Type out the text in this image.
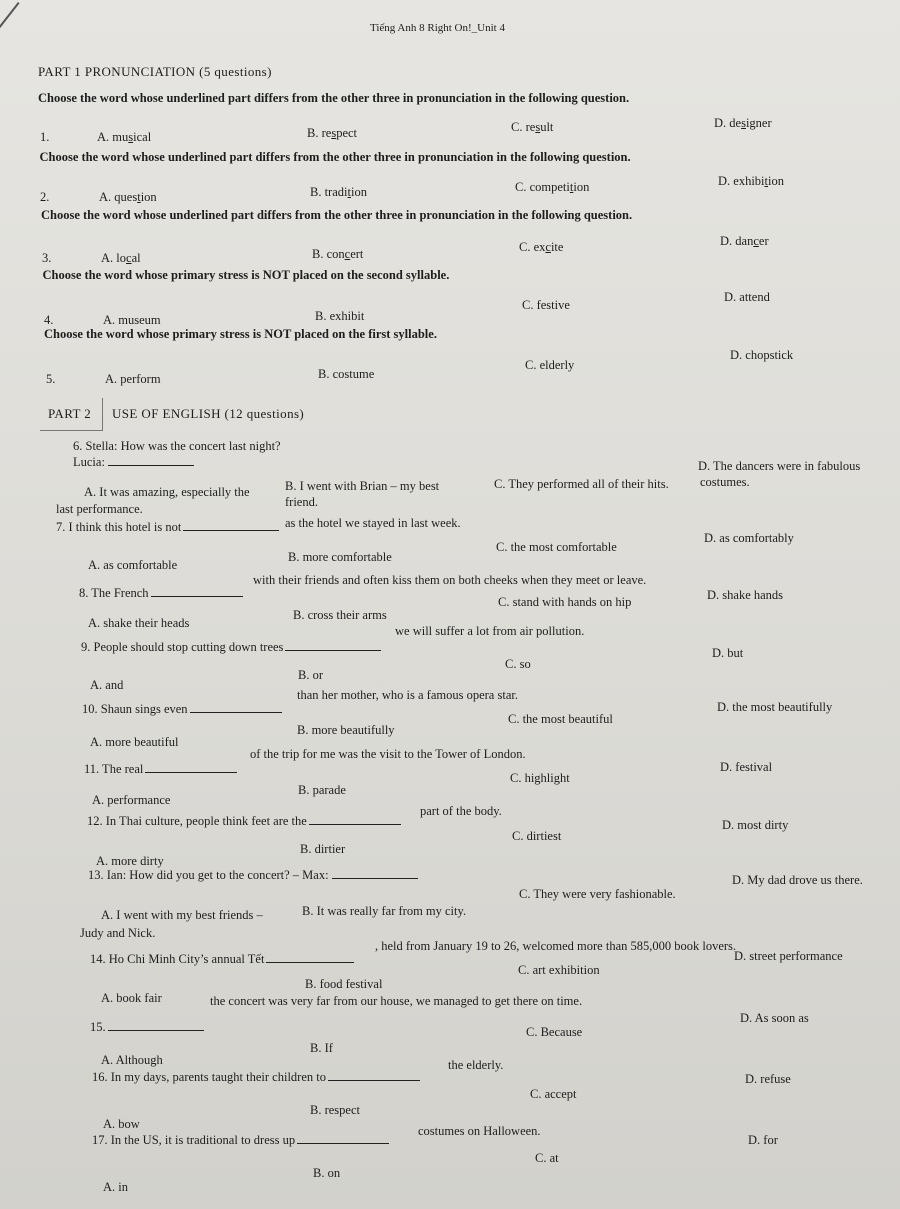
Tiếng Anh 8 Right On!_Unit 4
PART 1 PRONUNCIATION (5 questions)
Choose the word whose underlined part differs from the other three in pronunciation in the following question.
1.	A. musical	B. respect	C. result	D. designer
Choose the word whose underlined part differs from the other three in pronunciation in the following question.
2.	A. question	B. tradition	C. competition	D. exhibition
Choose the word whose underlined part differs from the other three in pronunciation in the following question.
3.	A. local	B. concert	C. excite	D. dancer
Choose the word whose primary stress is NOT placed on the second syllable.
4.	A. museum	B. exhibit
C. festive
D. attend
Choose the word whose primary stress is NOT placed on the first syllable.
5.	A. perform	B. costume
C. elderly
D. chopstick
PART 2 USE OF ENGLISH (12 questions)
6. Stella: How was the concert last night?
Lucia:
A. It was amazing, especially the
last performance.
B. I went with Brian – my best
friend.
C. They performed all of their hits.
D. The dancers were in fabulous
costumes.
7. I think this hotel is not	as the hotel we stayed in last week.
A. as comfortable
B. more comfortable
C. the most comfortable
D. as comfortably
8. The French
with their friends and often kiss them on both cheeks when they meet or leave.
A. shake their heads
B. cross their arms
C. stand with hands on hip	D. shake hands
9. People should stop cutting down trees
we will suffer a lot from air pollution.
A. and
B. or
C. so
D. but
10. Shaun sings even
than her mother, who is a famous opera star.
A. more beautiful
B. more beautifully
C. the most beautiful
D. the most beautifully
11. The real
of the trip for me was the visit to the Tower of London.
A. performance
B. parade
C. highlight
D. festival
12. In Thai culture, people think feet are the
part of the body.
A. more dirty
B. dirtier
C. dirtiest
D. most dirty
14. Ho Chi Minh City’s annual Tết
, held from January 19 to 26, welcomed more than 585,000 book lovers.
A. book fair
B. food festival
C. art exhibition
D. street performance
15.
the concert was very far from our house, we managed to get there on time.
A. Although
B. If
C. Because
D. As soon as
16. In my days, parents taught their children to
the elderly.
A. bow
B. respect
C. accept
D. refuse
17. In the US, it is traditional to dress up
costumes on Halloween.
A. in
B. on
C. at
D. for
13. Ian: How did you get to the concert? – Max:
A. I went with my best friends –
Judy and Nick.
B. It was really far from my city.
C. They were very fashionable.
D. My dad drove us there.
